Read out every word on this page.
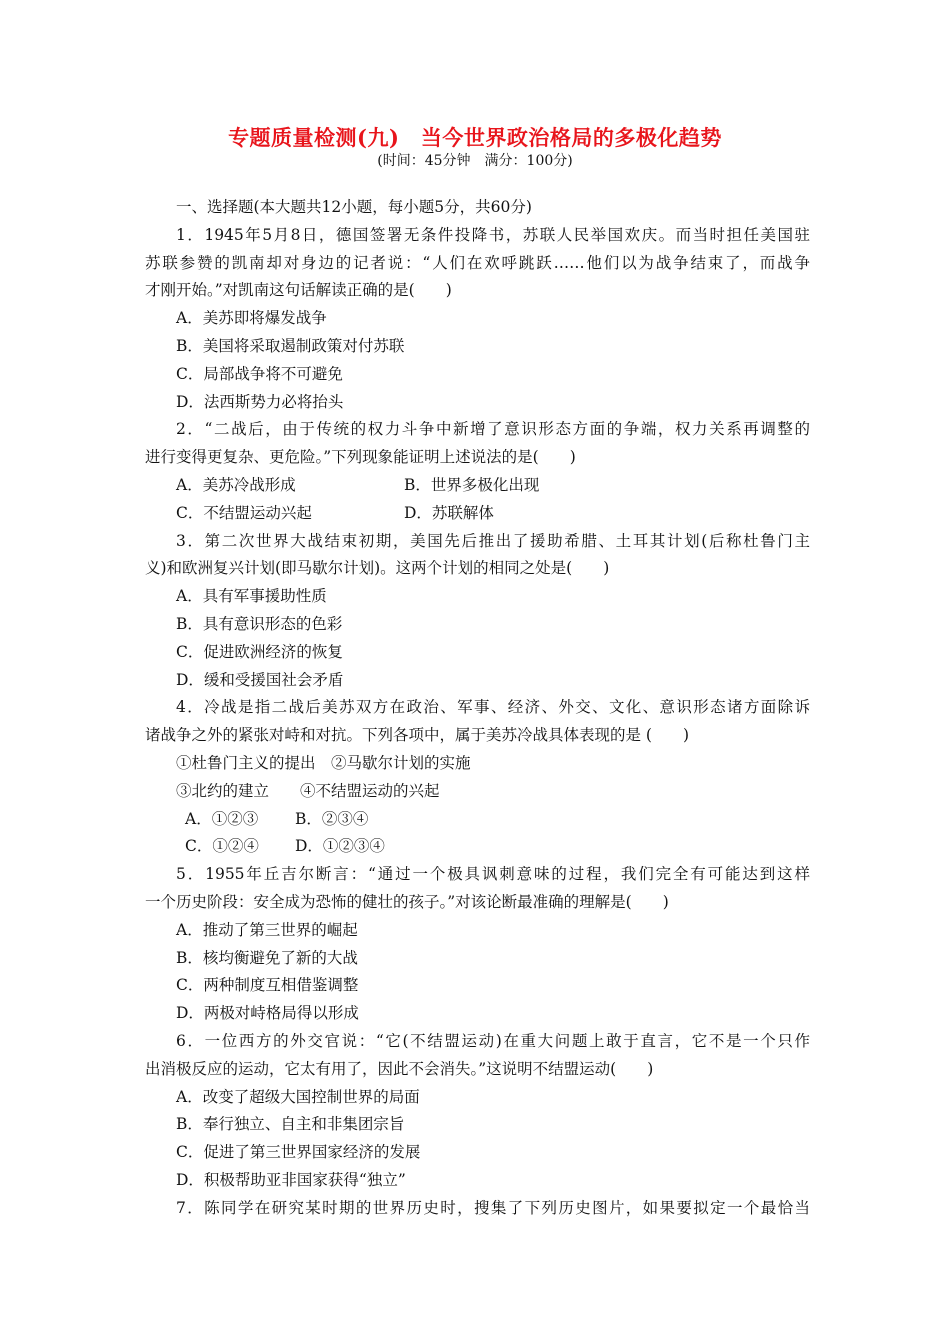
专题质量检测(九)　当今世界政治格局的多极化趋势
(时间：45分钟　满分：100分)
一、选择题(本大题共12小题，每小题5分，共60分)
1．1945年5月8日，德国签署无条件投降书，苏联人民举国欢庆。而当时担任美国驻
苏联参赞的凯南却对身边的记者说：“人们在欢呼跳跃……他们以为战争结束了，而战争
才刚开始。”对凯南这句话解读正确的是(　　)
A．美苏即将爆发战争
B．美国将采取遏制政策对付苏联
C．局部战争将不可避免
D．法西斯势力必将抬头
2．“二战后，由于传统的权力斗争中新增了意识形态方面的争端，权力关系再调整的
进行变得更复杂、更危险。”下列现象能证明上述说法的是(　　)
A．美苏冷战形成	B．世界多极化出现
C．不结盟运动兴起	D．苏联解体
3．第二次世界大战结束初期，美国先后推出了援助希腊、土耳其计划(后称杜鲁门主
义)和欧洲复兴计划(即马歇尔计划)。这两个计划的相同之处是(　　)
A．具有军事援助性质
B．具有意识形态的色彩
C．促进欧洲经济的恢复
D．缓和受援国社会矛盾
4．冷战是指二战后美苏双方在政治、军事、经济、外交、文化、意识形态诸方面除诉
诸战争之外的紧张对峙和对抗。下列各项中，属于美苏冷战具体表现的是 (　　)
①杜鲁门主义的提出　②马歇尔计划的实施
③北约的建立　　④不结盟运动的兴起
A．①②③ B．②③④
C．①②④ D．①②③④
5．1955年丘吉尔断言：“通过一个极具讽刺意味的过程，我们完全有可能达到这样
一个历史阶段：安全成为恐怖的健壮的孩子。”对该论断最准确的理解是(　　)
A．推动了第三世界的崛起
B．核均衡避免了新的大战
C．两种制度互相借鉴调整
D．两极对峙格局得以形成
6．一位西方的外交官说：“它(不结盟运动)在重大问题上敢于直言，它不是一个只作
出消极反应的运动，它太有用了，因此不会消失。”这说明不结盟运动(　　)
A．改变了超级大国控制世界的局面
B．奉行独立、自主和非集团宗旨
C．促进了第三世界国家经济的发展
D．积极帮助亚非国家获得“独立”
7．陈同学在研究某时期的世界历史时，搜集了下列历史图片，如果要拟定一个最恰当
